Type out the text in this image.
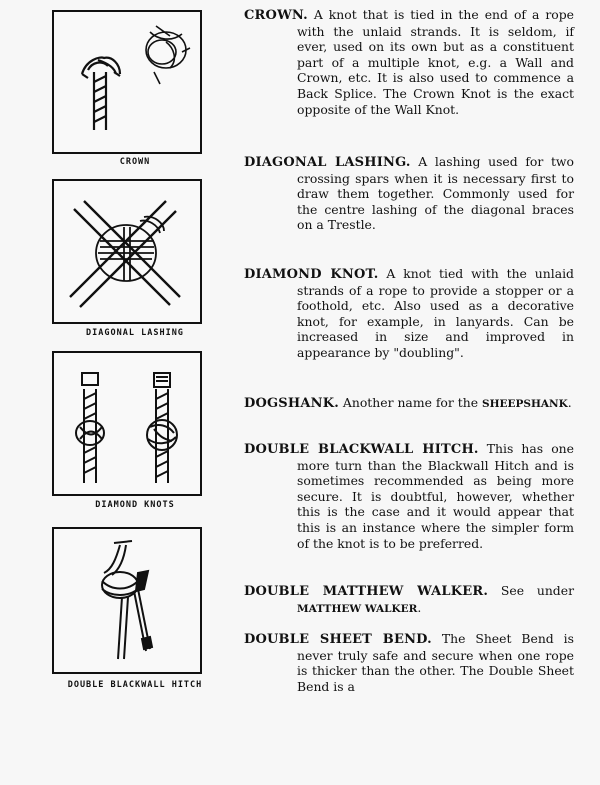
CROWN
DIAGONAL LASHING
DIAMOND KNOTS
DOUBLE BLACKWALL HITCH

CROWN. A knot that is tied in the end of a rope with the unlaid strands. It is seldom, if ever, used on its own but as a constituent part of a multiple knot, e.g. a Wall and Crown, etc. It is also used to commence a Back Splice. The Crown Knot is the exact opposite of the Wall Knot.

DIAGONAL LASHING. A lashing used for two crossing spars when it is necessary first to draw them together. Commonly used for the centre lashing of the diagonal braces on a Trestle.

DIAMOND KNOT. A knot tied with the unlaid strands of a rope to provide a stopper or a foothold, etc. Also used as a decorative knot, for example, in lanyards. Can be increased in size and improved in appearance by "doubling".

DOGSHANK. Another name for the SHEEPSHANK.

DOUBLE BLACKWALL HITCH. This has one more turn than the Blackwall Hitch and is sometimes recommended as being more secure. It is doubtful, however, whether this is the case and it would appear that this is an instance where the simpler form of the knot is to be preferred.

DOUBLE MATTHEW WALKER. See under MATTHEW WALKER.

DOUBLE SHEET BEND. The Sheet Bend is never truly safe and secure when one rope is thicker than the other. The Double Sheet Bend is a
